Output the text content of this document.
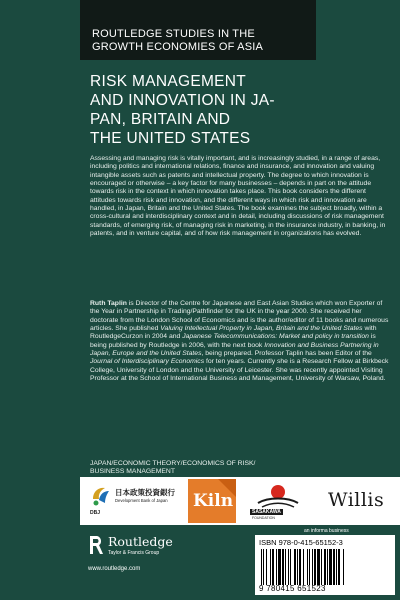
ROUTLEDGE STUDIES IN THE
GROWTH ECONOMIES OF ASIA
RISK MANAGEMENT
AND INNOVATION IN JA-
PAN, BRITAIN AND
THE UNITED STATES
Assessing and managing risk is vitally important, and is increasingly studied, in a range of areas, including politics and international relations, finance and insurance, and innovation and valuing intangible assets such as patents and intellectual property. The degree to which innovation is encouraged or otherwise – a key factor for many businesses – depends in part on the attitude towards risk in the context in which innovation takes place. This book considers the different attitudes towards risk and innovation, and the different ways in which risk and innovation are handled, in Japan, Britain and the United States. The book examines the subject broadly, within a cross-cultural and interdisciplinary context and in detail, including discussions of risk management standards, of emerging risk, of managing risk in marketing, in the insurance industry, in banking, in patents, and in venture capital, and of how risk management in organizations has evolved.
Ruth Taplin is Director of the Centre for Japanese and East Asian Studies which won Exporter of the Year in Partnership in Trading/Pathfinder for the UK in the year 2000. She received her doctorate from the London School of Economics and is the author/editor of 11 books and numerous articles. She published Valuing Intellectual Property in Japan, Britain and the United States with RoutledgeCurzon in 2004 and Japanese Telecommunications: Market and policy in transition is being published by Routledge in 2006, with the next book Innovation and Business Partnering in Japan, Europe and the United States, being prepared. Professor Taplin has been Editor of the Journal of Interdisciplinary Economics for ten years. Currently she is a Research Fellow at Birkbeck College, University of London and the University of Leicester. She was recently appointed Visiting Professor at the School of International Business and Management, University of Warsaw, Poland.
JAPAN/ECONOMIC THEORY/ECONOMICS OF RISK/
BUSINESS MANAGEMENT
DBJ
日本政策投資銀行
Development Bank of Japan Kiln
SASAKAWA
FOUNDATION
Willis
Routledge
Taylor & Francis Group
www.routledge.com
an informa business
ISBN 978-0-415-65152-3
9 780415 651523
